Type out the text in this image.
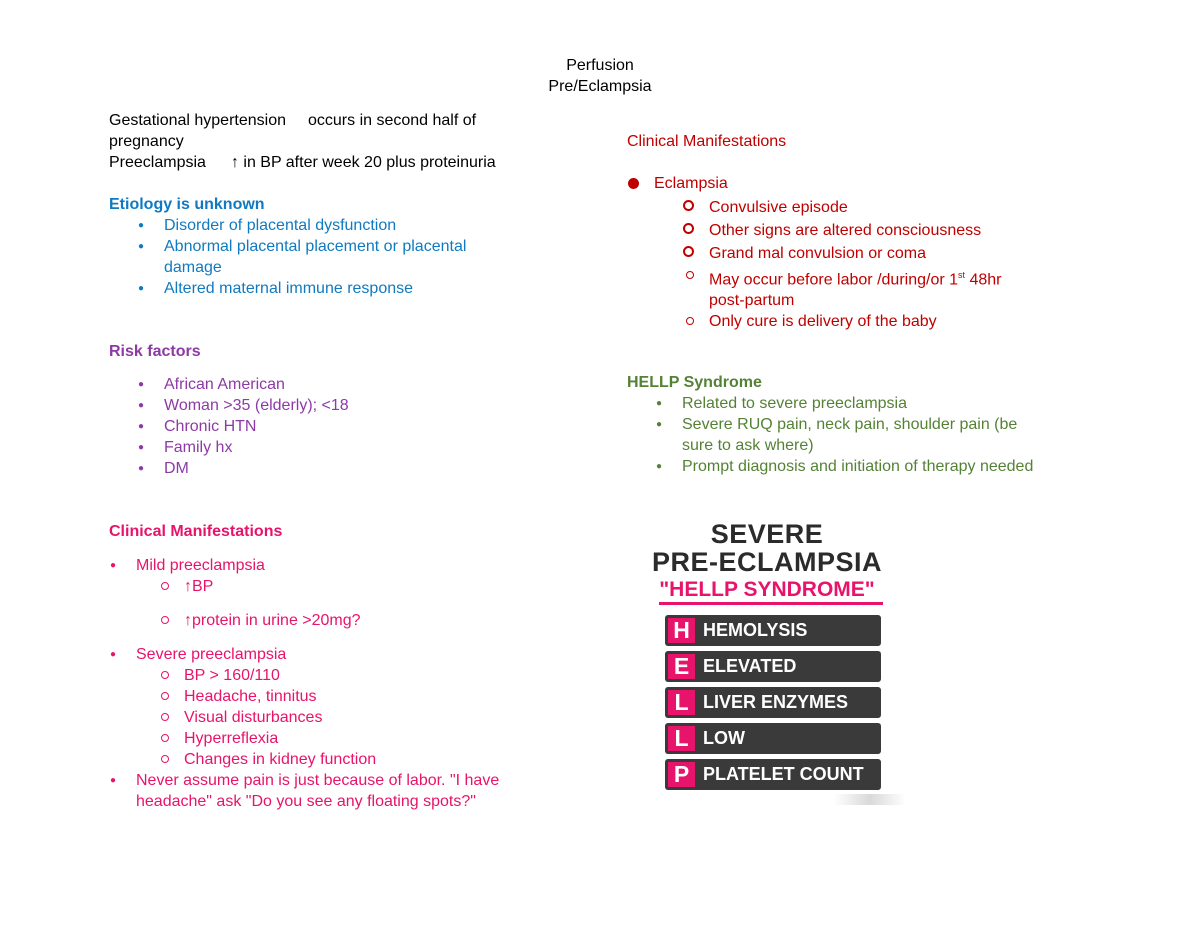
Perfusion
Pre/Eclampsia
Gestational hypertension occurs in second half of
pregnancy
Preeclampsia ↑ in BP after week 20 plus proteinuria
Etiology is unknown
● Disorder of placental dysfunction
● Abnormal placental placement or placental
damage
● Altered maternal immune response
Risk factors
● African American
● Woman >35 (elderly); <18
● Chronic HTN
● Family hx
● DM
Clinical Manifestations
● Mild preeclampsia
↑BP
↑protein in urine >20mg?
● Severe preeclampsia
BP > 160/110
Headache, tinnitus
Visual disturbances
Hyperreflexia
Changes in kidney function
● Never assume pain is just because of labor. "I have
headache" ask "Do you see any floating spots?"
Clinical Manifestations
Eclampsia
Convulsive episode
Other signs are altered consciousness
Grand mal convulsion or coma
May occur before labor /during/or 1st 48hr
post-partum
Only cure is delivery of the baby
HELLP Syndrome
● Related to severe preeclampsia
● Severe RUQ pain, neck pain, shoulder pain (be
sure to ask where)
● Prompt diagnosis and initiation of therapy needed
SEVERE
PRE-ECLAMPSIA
"HELLP SYNDROME"
H HEMOLYSIS
E ELEVATED
L LIVER ENZYMES
L LOW
P PLATELET COUNT
